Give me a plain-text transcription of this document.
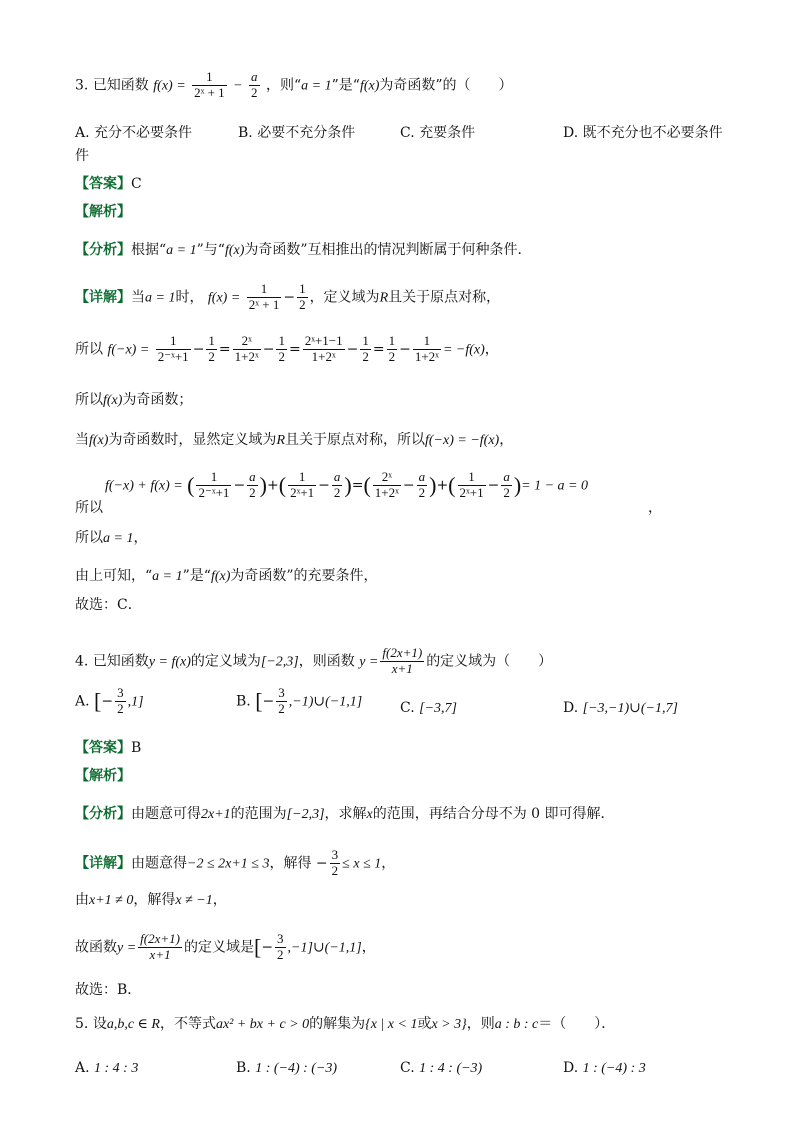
3. 已知函数 $f(x) = \frac{1}{\text{2ˣ + 1}} - \frac{a}{2}$ ，则“a = 1”是“f(x)为奇函数”的（　　）
A. 充分不必要条件	B. 必要不充分条件	C. 充要条件	D. 既不充分也不必要条件
件
【答案】C
【解析】
【分析】根据“a = 1”与“f(x)为奇函数”互相推出的情况判断属于何种条件．
【详解】当a = 1时， $f(x) = \frac{1}{\text{2ˣ + 1}} - \frac{1}{2}$ ，定义域为R且关于原点对称，
所以 $f(-x) = \frac{1}{\text{2⁻ˣ+1}} - \frac{1}{2} = \frac{\text{2ˣ}}{\text{1+2ˣ}} - \frac{1}{2} = \frac{\text{2ˣ+1−1}}{\text{1+2ˣ}} - \frac{1}{2} = \frac{1}{2} - \frac{1}{\text{1+2ˣ}} = -f(x)$，
所以f(x)为奇函数；
当f(x)为奇函数时，显然定义域为R且关于原点对称，所以f(−x) = −f(x)，
f(−x) + f(x) = ( $\frac{1}{\text{2⁻ˣ+1}} - \frac{a}{2}$ )+( $\frac{1}{\text{2ˣ+1}} - \frac{a}{2}$ )=( $\frac{\text{2ˣ}}{\text{1+2ˣ}} - \frac{a}{2}$ )+( $\frac{1}{\text{2ˣ+1}} - \frac{a}{2}$ )= 1 − a = 0
所以	，
所以a = 1，
由上可知，“a = 1”是“f(x)为奇函数”的充要条件，
故选：C．
4. 已知函数y = f(x)的定义域为[−2,3]，则函数 $y = \frac{f(2x+1)}{x+1}$ 的定义域为（　　）
A. [− $\frac{3}{2} ,1$]	B. [− $\frac{3}{2}$ ,−1)∪(−1,1]	C. [−3,7]	D. [−3,−1)∪(−1,7]
【答案】B
【解析】
【分析】由题意可得2x+1的范围为[−2,3]，求解x的范围，再结合分母不为 0 即可得解．
【详解】由题意得−2 ≤ 2x+1 ≤ 3，解得 − $\frac{3}{2} \le x \le 1$，
由x+1 ≠ 0，解得x ≠ −1，
故函数$y = \frac{f(2x+1)}{x+1}$ 的定义域是[− $\frac{3}{2}$ ,−1]∪(−1,1]，
故选：B．
5. 设a,b,c ∈ R，不等式ax² + bx + c > 0的解集为{x | x < 1或x > 3}，则a : b : c＝（　　）．
A. 1 : 4 : 3	B. 1 : (−4) : (−3)	C. 1 : 4 : (−3)	D. 1 : (−4) : 3
